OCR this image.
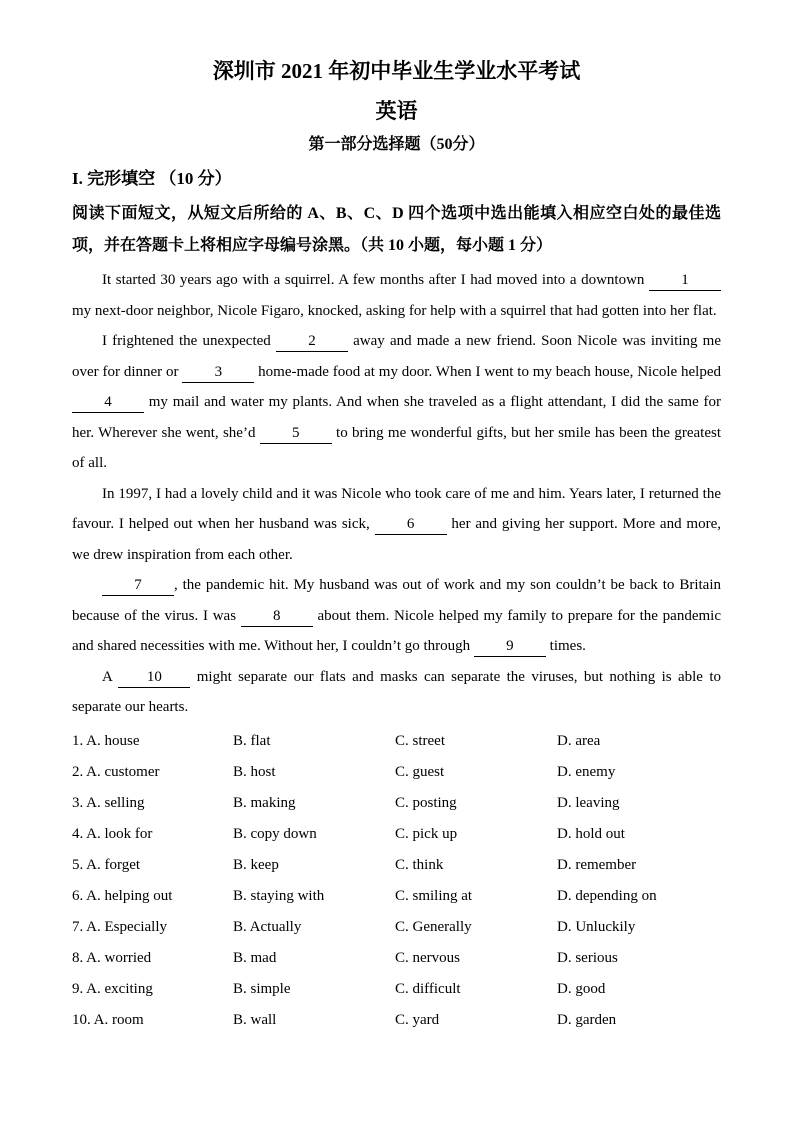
深圳市 2021 年初中毕业生学业水平考试
英语
第一部分选择题（50分）
I. 完形填空 （10 分）
阅读下面短文，从短文后所给的 A、B、C、D 四个选项中选出能填入相应空白处的最佳选项，并在答题卡上将相应字母编号涂黑。（共 10 小题，每小题 1 分）

It started 30 years ago with a squirrel. A few months after I had moved into a downtown 1 my next-door neighbor, Nicole Figaro, knocked, asking for help with a squirrel that had gotten into her flat.

I frightened the unexpected 2 away and made a new friend. Soon Nicole was inviting me over for dinner or 3 home-made food at my door. When I went to my beach house, Nicole helped 4 my mail and water my plants. And when she traveled as a flight attendant, I did the same for her. Wherever she went, she’d 5 to bring me wonderful gifts, but her smile has been the greatest of all.

In 1997, I had a lovely child and it was Nicole who took care of me and him. Years later, I returned the favour. I helped out when her husband was sick, 6 her and giving her support. More and more, we drew inspiration from each other.

7 , the pandemic hit. My husband was out of work and my son couldn’t be back to Britain because of the virus. I was 8 about them. Nicole helped my family to prepare for the pandemic and shared necessities with me. Without her, I couldn’t go through 9 times.

A 10 might separate our flats and masks can separate the viruses, but nothing is able to separate our hearts.

1. A. house	B. flat	C. street	D. area
2. A. customer	B. host	C. guest	D. enemy
3. A. selling	B. making	C. posting	D. leaving
4. A. look for	B. copy down	C. pick up	D. hold out
5. A. forget	B. keep	C. think	D. remember
6. A. helping out	B. staying with	C. smiling at	D. depending on
7. A. Especially	B. Actually	C. Generally	D. Unluckily
8. A. worried	B. mad	C. nervous	D. serious
9. A. exciting	B. simple	C. difficult	D. good
10. A. room	B. wall	C. yard	D. garden
